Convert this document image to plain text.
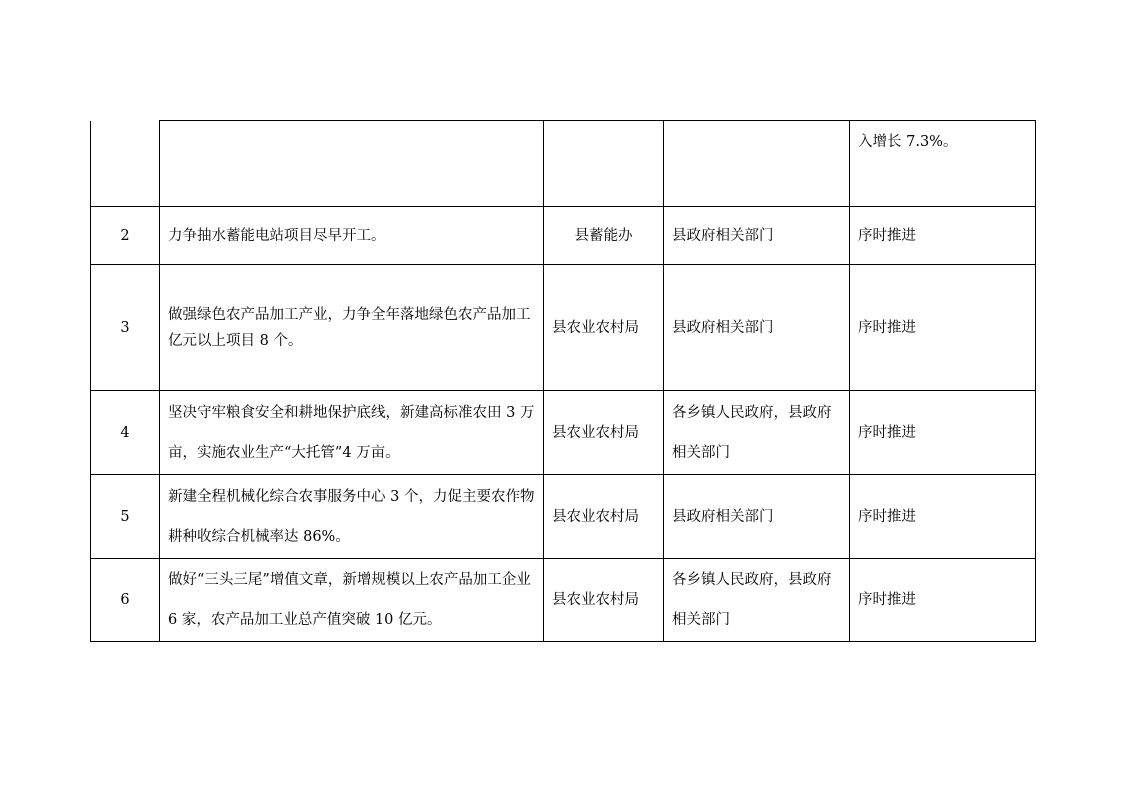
				入增长 7.3%。

2	力争抽水蓄能电站项目尽早开工。	县蓄能办	县政府相关部门	序时推进
3	做强绿色农产品加工产业，力争全年落地绿色农产品加工亿元以上项目 8 个。	县农业农村局	县政府相关部门	序时推进
4	坚决守牢粮食安全和耕地保护底线，新建高标准农田 3 万亩，实施农业生产“大托管”4 万亩。	县农业农村局	各乡镇人民政府，县政府相关部门	序时推进
5	新建全程机械化综合农事服务中心 3 个，力促主要农作物耕种收综合机械率达 86%。	县农业农村局	县政府相关部门	序时推进
6	做好“三头三尾”增值文章，新增规模以上农产品加工企业 6 家，农产品加工业总产值突破 10 亿元。	县农业农村局	各乡镇人民政府，县政府相关部门	序时推进
